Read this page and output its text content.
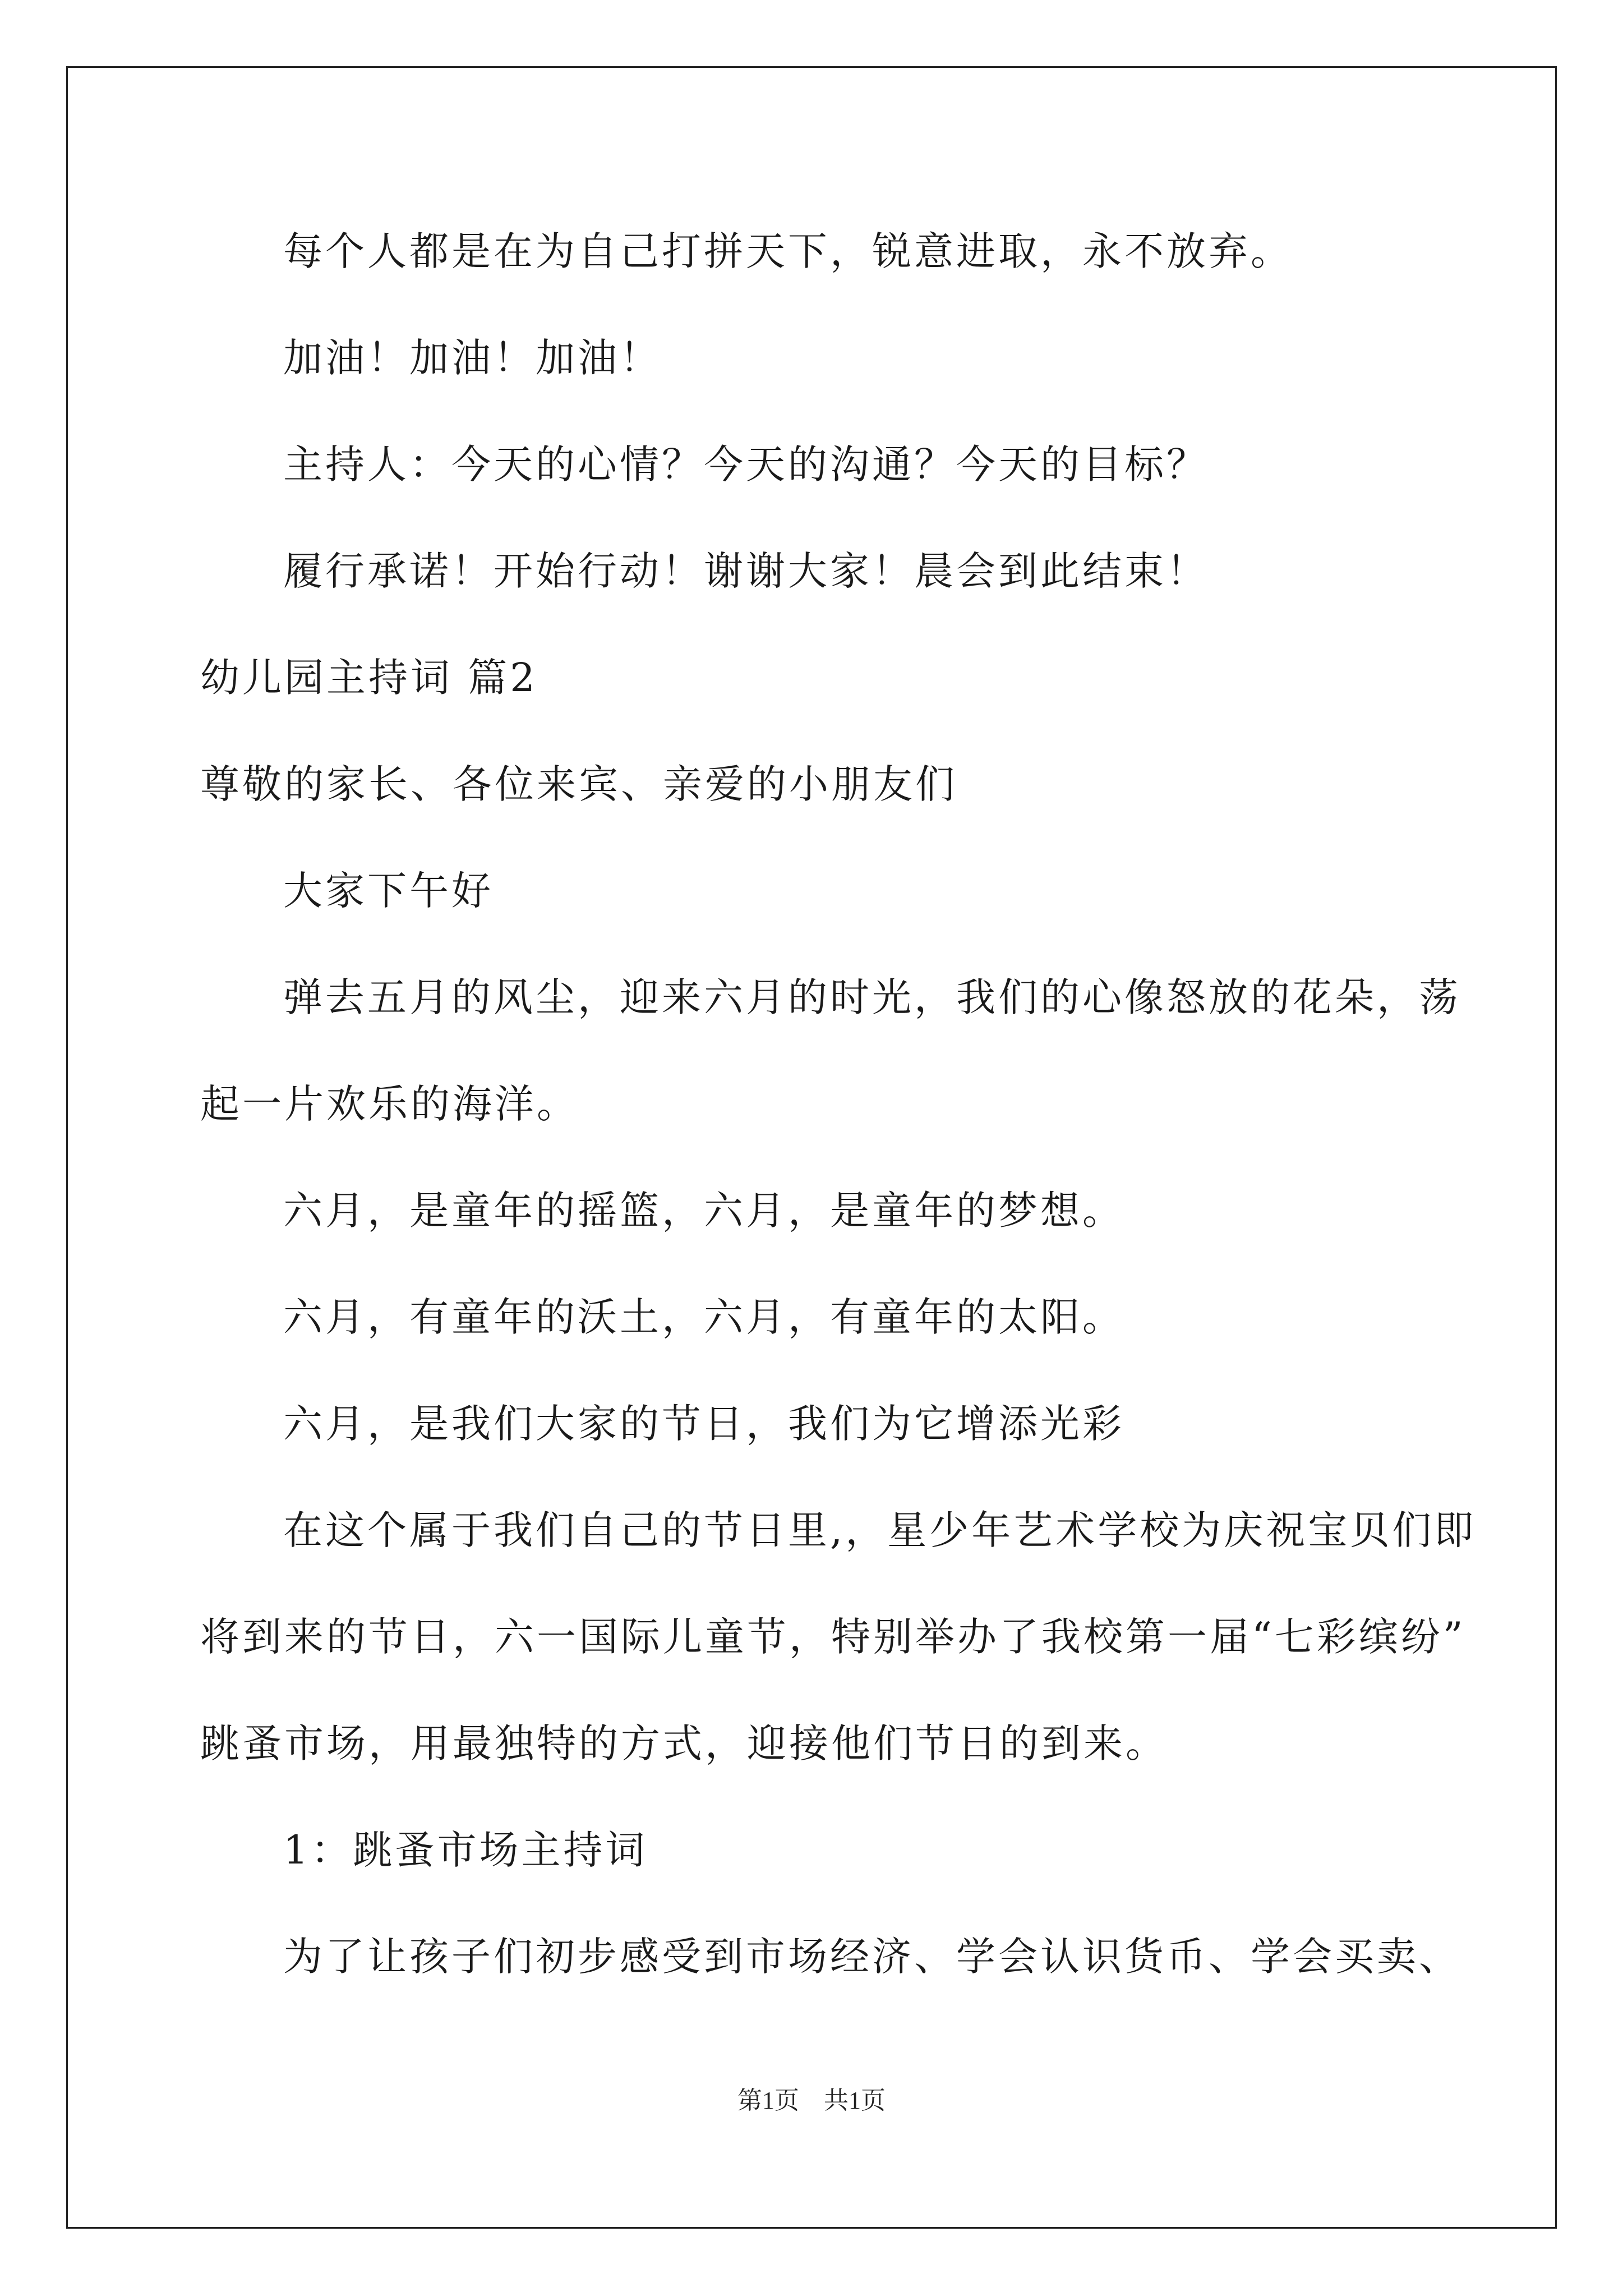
每个人都是在为自己打拼天下，锐意进取，永不放弃。
加油！加油！加油！
主持人：今天的心情？今天的沟通？今天的目标？
履行承诺！开始行动！谢谢大家！晨会到此结束！
幼儿园主持词 篇2
尊敬的家长、各位来宾、亲爱的小朋友们
大家下午好
弹去五月的风尘，迎来六月的时光，我们的心像怒放的花朵，荡
起一片欢乐的海洋。
六月，是童年的摇篮，六月，是童年的梦想。
六月，有童年的沃土，六月，有童年的太阳。
六月，是我们大家的节日，我们为它增添光彩
在这个属于我们自己的节日里,，星少年艺术学校为庆祝宝贝们即
将到来的节日，六一国际儿童节，特别举办了我校第一届“七彩缤纷”
跳蚤市场，用最独特的方式，迎接他们节日的到来。
1：跳蚤市场主持词
为了让孩子们初步感受到市场经济、学会认识货币、学会买卖、
第1页　共1页
